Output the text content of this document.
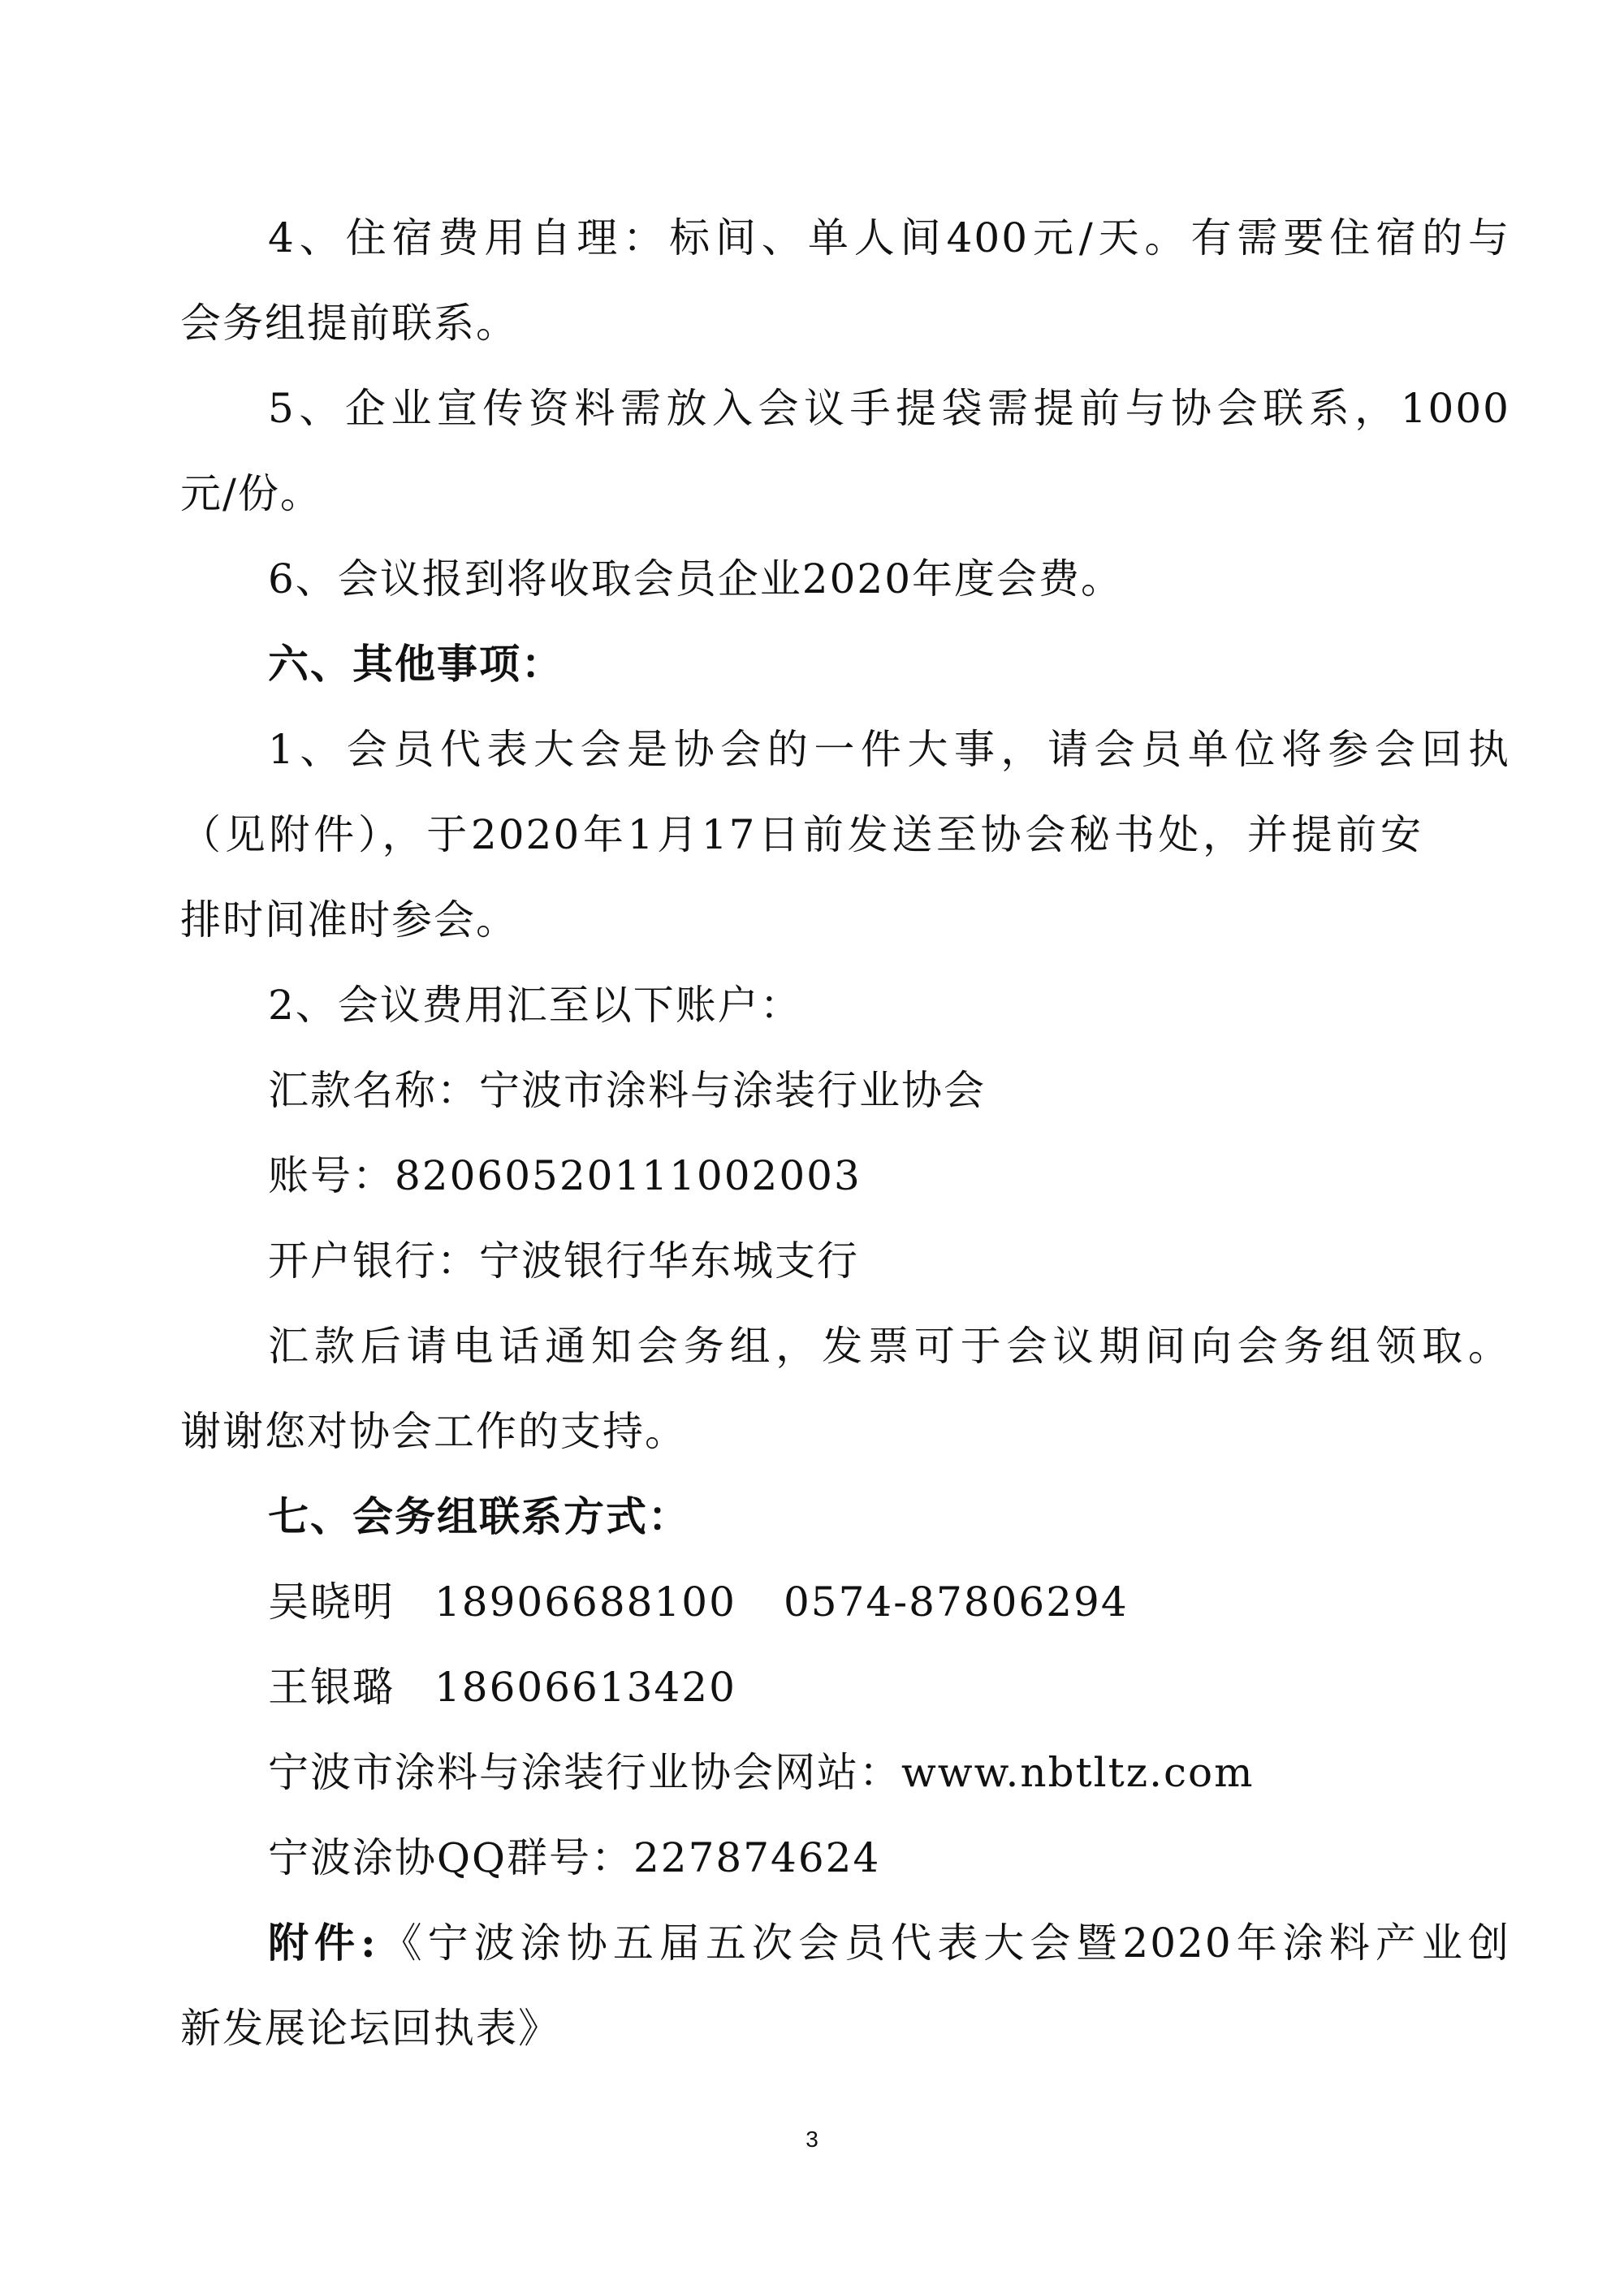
4、住宿费用自理：标间、单人间400元/天。有需要住宿的与
会务组提前联系。
5、企业宣传资料需放入会议手提袋需提前与协会联系，1000
元/份。
6、会议报到将收取会员企业2020年度会费。
六、其他事项：
1、会员代表大会是协会的一件大事，请会员单位将参会回执
（见附件），于2020年1月17日前发送至协会秘书处，并提前安
排时间准时参会。
2、会议费用汇至以下账户：
汇款名称：宁波市涂料与涂装行业协会
账号：82060520111002003
开户银行：宁波银行华东城支行
汇款后请电话通知会务组，发票可于会议期间向会务组领取。
谢谢您对协会工作的支持。
七、会务组联系方式：
吴晓明 18906688100 0574-87806294
王银璐 18606613420
宁波市涂料与涂装行业协会网站：www.nbtltz.com
宁波涂协QQ群号：227874624
附件:《宁波涂协五届五次会员代表大会暨2020年涂料产业创
新发展论坛回执表》
3
